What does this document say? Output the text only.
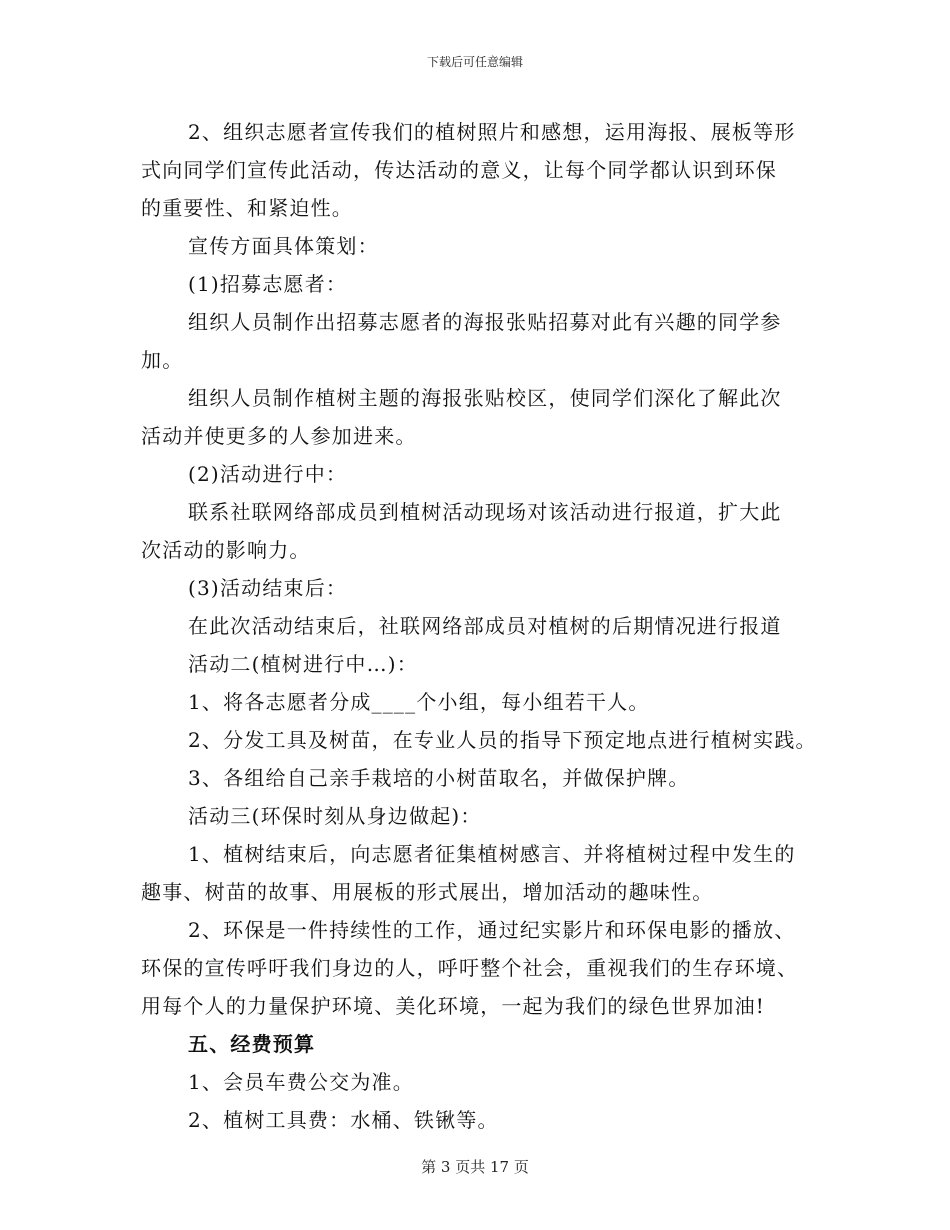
下载后可任意编辑
2、组织志愿者宣传我们的植树照片和感想，运用海报、展板等形
式向同学们宣传此活动，传达活动的意义，让每个同学都认识到环保
的重要性、和紧迫性。
宣传方面具体策划：
(1)招募志愿者：
组织人员制作出招募志愿者的海报张贴招募对此有兴趣的同学参
加。
组织人员制作植树主题的海报张贴校区，使同学们深化了解此次
活动并使更多的人参加进来。
(2)活动进行中：
联系社联网络部成员到植树活动现场对该活动进行报道，扩大此
次活动的影响力。
(3)活动结束后：
在此次活动结束后，社联网络部成员对植树的后期情况进行报道
活动二(植树进行中…)：
1、将各志愿者分成____个小组，每小组若干人。
2、分发工具及树苗，在专业人员的指导下预定地点进行植树实践。
3、各组给自己亲手栽培的小树苗取名，并做保护牌。
活动三(环保时刻从身边做起)：
1、植树结束后，向志愿者征集植树感言、并将植树过程中发生的
趣事、树苗的故事、用展板的形式展出，增加活动的趣味性。
2、环保是一件持续性的工作，通过纪实影片和环保电影的播放、
环保的宣传呼吁我们身边的人，呼吁整个社会，重视我们的生存环境、
用每个人的力量保护环境、美化环境，一起为我们的绿色世界加油!
五、经费预算
1、会员车费公交为准。
2、植树工具费：水桶、铁锹等。
第 3 页共 17 页
